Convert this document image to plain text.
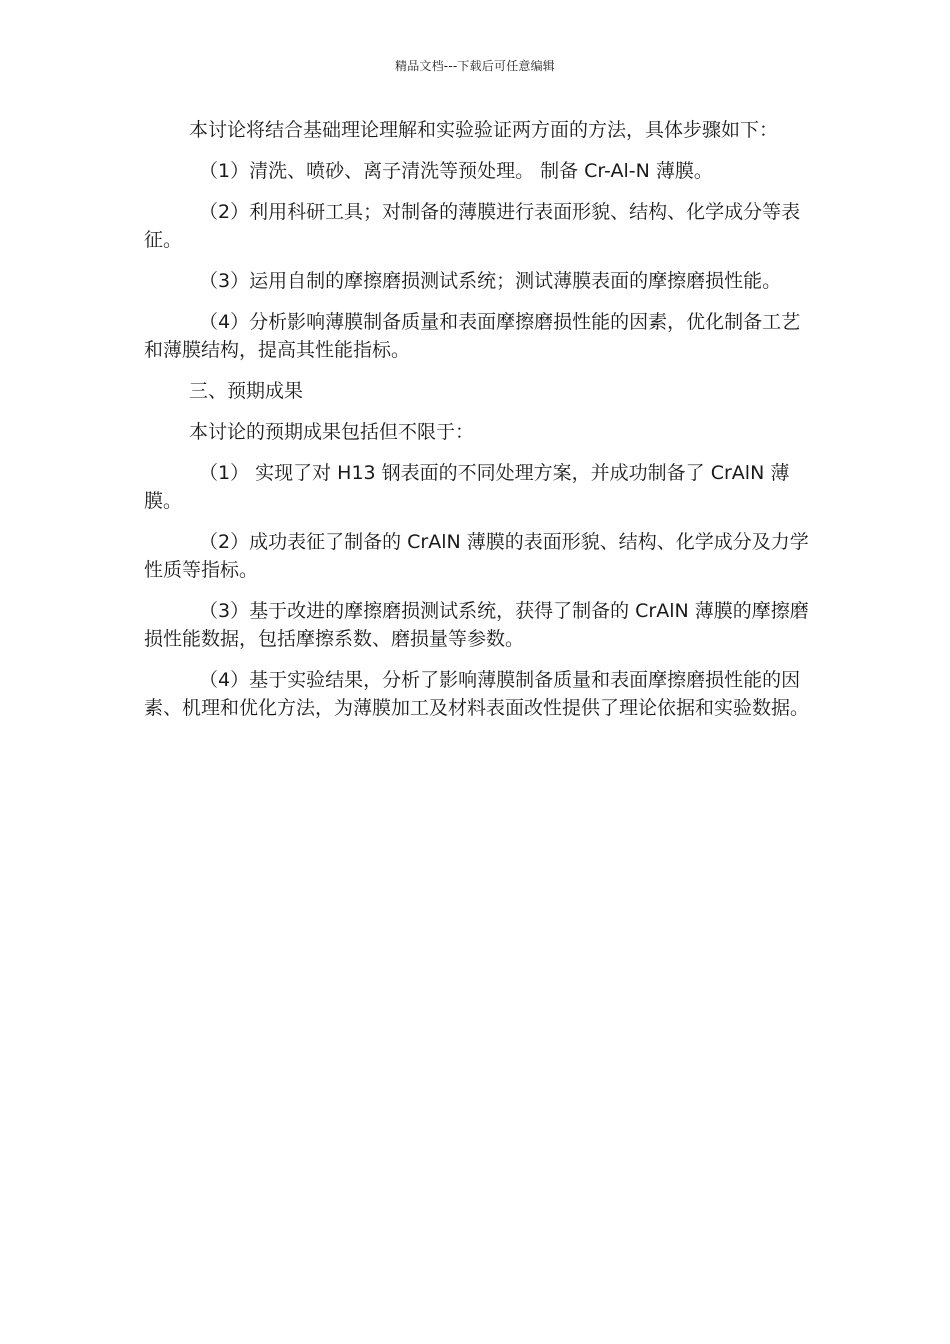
精品文档---下载后可任意编辑

本讨论将结合基础理论理解和实验验证两方面的方法，具体步骤如下：

（1）清洗、喷砂、离子清洗等预处理。 制备 Cr-Al-N 薄膜。

（2）利用科研工具；对制备的薄膜进行表面形貌、结构、化学成分等表征。

（3）运用自制的摩擦磨损测试系统；测试薄膜表面的摩擦磨损性能。

（4）分析影响薄膜制备质量和表面摩擦磨损性能的因素，优化制备工艺和薄膜结构，提高其性能指标。

三、预期成果

本讨论的预期成果包括但不限于：

（1） 实现了对 H13 钢表面的不同处理方案，并成功制备了 CrAlN 薄膜。

（2）成功表征了制备的 CrAlN 薄膜的表面形貌、结构、化学成分及力学性质等指标。

（3）基于改进的摩擦磨损测试系统，获得了制备的 CrAlN 薄膜的摩擦磨损性能数据，包括摩擦系数、磨损量等参数。

（4）基于实验结果，分析了影响薄膜制备质量和表面摩擦磨损性能的因素、机理和优化方法，为薄膜加工及材料表面改性提供了理论依据和实验数据。
